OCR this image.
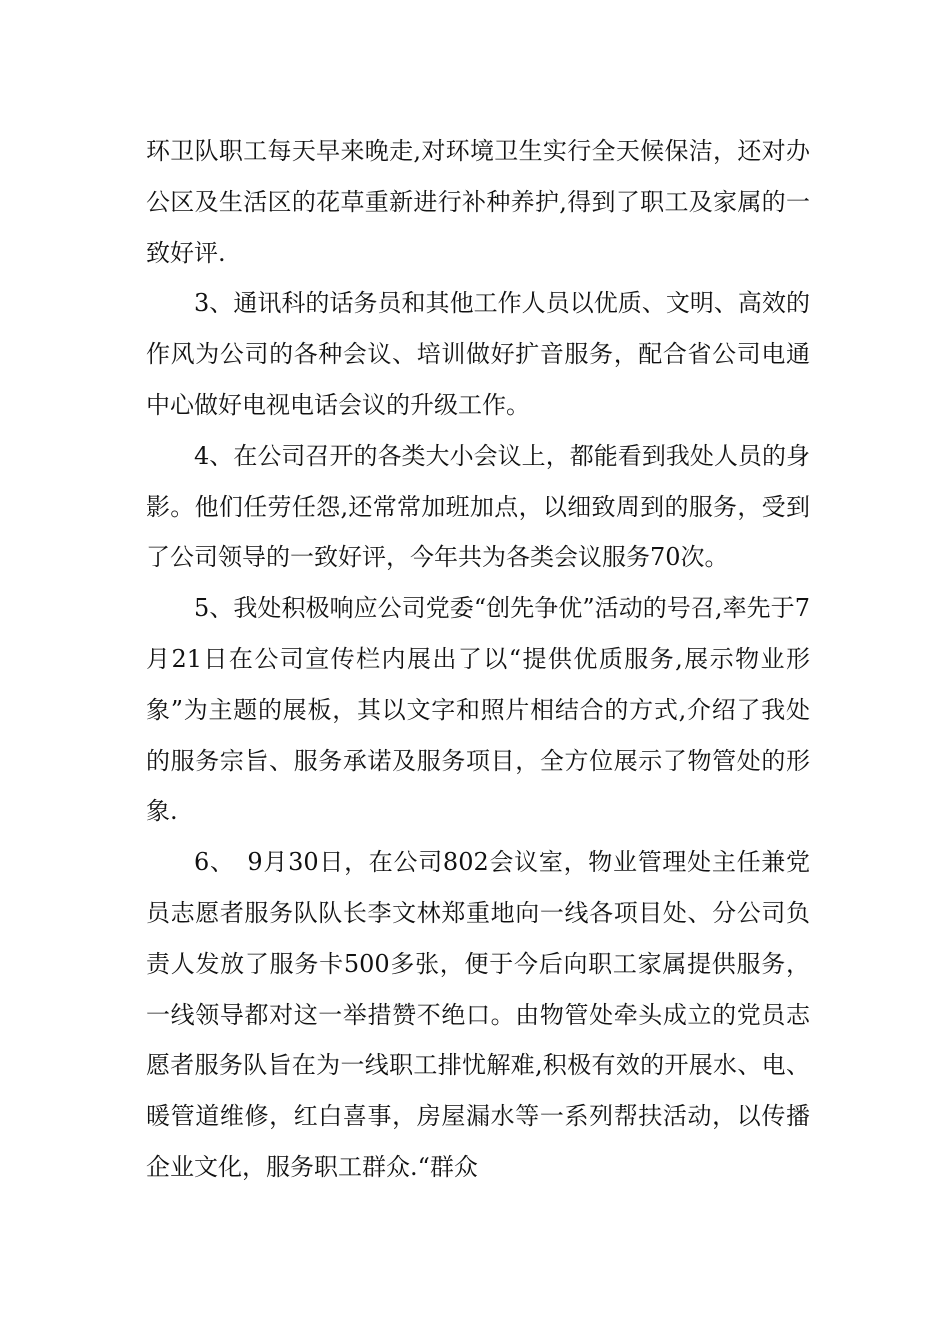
环卫队职工每天早来晚走,对环境卫生实行全天候保洁，还对办公区及生活区的花草重新进行补种养护,得到了职工及家属的一致好评.

3、通讯科的话务员和其他工作人员以优质、文明、高效的作风为公司的各种会议、培训做好扩音服务，配合省公司电通中心做好电视电话会议的升级工作。

4、在公司召开的各类大小会议上，都能看到我处人员的身影。他们任劳任怨,还常常加班加点，以细致周到的服务，受到了公司领导的一致好评，今年共为各类会议服务70次。

5、我处积极响应公司党委“创先争优”活动的号召,率先于7月21日在公司宣传栏内展出了以“提供优质服务,展示物业形象”为主题的展板，其以文字和照片相结合的方式,介绍了我处的服务宗旨、服务承诺及服务项目，全方位展示了物管处的形象.

6、　9月30日，在公司802会议室，物业管理处主任兼党员志愿者服务队队长李文林郑重地向一线各项目处、分公司负责人发放了服务卡500多张，便于今后向职工家属提供服务，一线领导都对这一举措赞不绝口。由物管处牵头成立的党员志愿者服务队旨在为一线职工排忧解难,积极有效的开展水、电、暖管道维修，红白喜事，房屋漏水等一系列帮扶活动，以传播企业文化，服务职工群众.“群众
